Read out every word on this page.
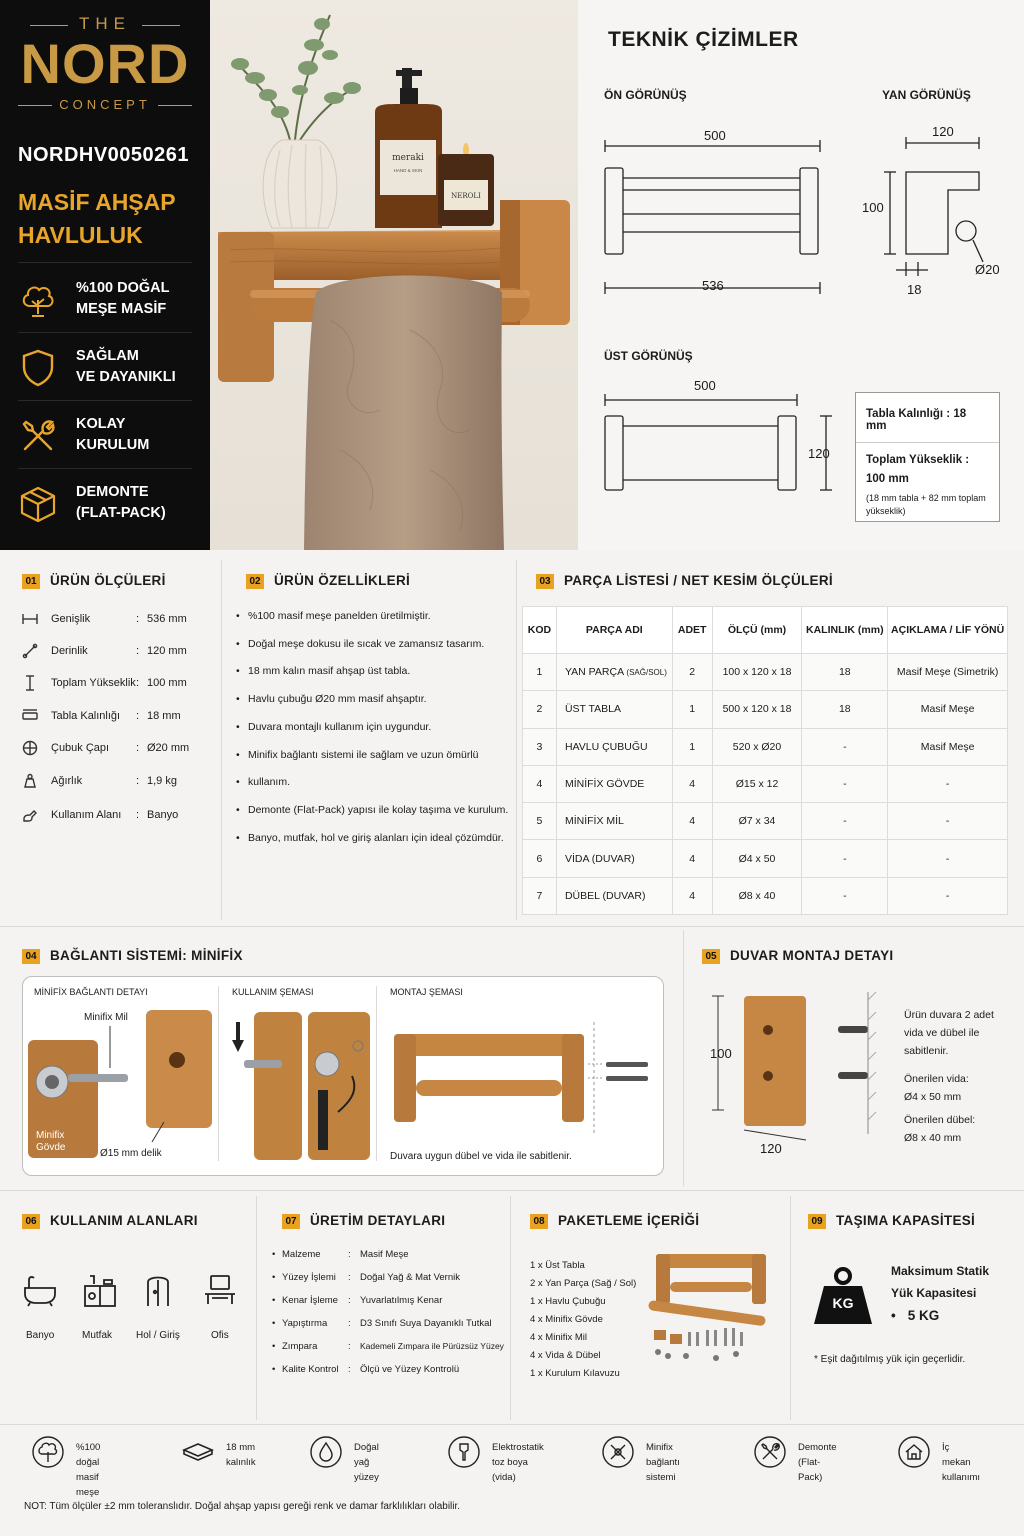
THE
NORD
CONCEPT
NORDHV0050261
MASİF AHŞAP
HAVLULUK
%100 DOĞAL
MEŞE MASİF
SAĞLAM
VE DAYANIKLI
KOLAY
KURULUM
DEMONTE
(FLAT-PACK)
meraki
HAND & SKIN
NEROLI
TEKNİK ÇİZİMLER
ÖN GÖRÜNÜŞ	YAN GÖRÜNÜŞ
ÜST GÖRÜNÜŞ
500
536
120
100
18
Ø20
500
120
Tabla Kalınlığı : 18 mm
Toplam Yükseklik :
100 mm
(18 mm tabla + 82 mm toplam yükseklik)
01 ÜRÜN ÖLÇÜLERİ
Genişlik	: 536 mm
Derinlik	: 120 mm
Toplam Yükseklik : 100 mm
Tabla Kalınlığı : 18 mm
Çubuk Çapı : Ø20 mm
Ağırlık	: 1,9 kg
Kullanım Alanı : Banyo
02 ÜRÜN ÖZELLİKLERİ
• %100 masif meşe panelden üretilmiştir.
• Doğal meşe dokusu ile sıcak ve zamansız tasarım.
• 18 mm kalın masif ahşap üst tabla.
• Havlu çubuğu Ø20 mm masif ahşaptır.
• Duvara montajlı kullanım için uygundur.
• Minifix bağlantı sistemi ile sağlam ve uzun ömürlü
• kullanım.
• Demonte (Flat-Pack) yapısı ile kolay taşıma ve kurulum.
• Banyo, mutfak, hol ve giriş alanları için ideal çözümdür.
03 PARÇA LİSTESİ / NET KESİM ÖLÇÜLERİ
KOD	PARÇA ADI	ADET	ÖLÇÜ (mm)	KALINLIK (mm)	AÇIKLAMA / LİF YÖNÜ
1	YAN PARÇA (SAĞ/SOL)	2	100 x 120 x 18	18	Masif Meşe (Simetrik)
2	ÜST TABLA	1	500 x 120 x 18	18	Masif Meşe
3	HAVLU ÇUBUĞU	1	520 x Ø20	-	Masif Meşe
4	MİNİFİX GÖVDE	4	Ø15 x 12	-	-
5	MİNİFİX MİL	4	Ø7 x 34	-	-
6	VİDA (DUVAR)	4	Ø4 x 50	-	-
7	DÜBEL (DUVAR)	4	Ø8 x 40	-	-
04 BAĞLANTI SİSTEMİ: MİNİFİX
MİNİFİX BAĞLANTI DETAYI	KULLANIM ŞEMASI	MONTAJ ŞEMASI
Minifix Mil
Minifix
Gövde
Ø15 mm delik	Duvara uygun dübel ve vida ile sabitlenir.
05 DUVAR MONTAJ DETAYI
100
120
Ürün duvara 2 adet
vida ve dübel ile
sabitlenir.
Önerilen vida:
Ø4 x 50 mm
Önerilen dübel:
Ø8 x 40 mm
06 KULLANIM ALANLARI
Banyo	Mutfak Hol / Giriş	Ofis
07 ÜRETİM DETAYLARI
• Malzeme	: Masif Meşe
• Yüzey İşlemi : Doğal Yağ & Mat Vernik
• Kenar İşleme : Yuvarlatılmış Kenar
• Yapıştırma : D3 Sınıfı Suya Dayanıklı Tutkal
• Zımpara	: Kademeli Zımpara ile Pürüzsüz Yüzey
• Kalite Kontrol : Ölçü ve Yüzey Kontrolü
08 PAKETLEME İÇERİĞİ
1 x Üst Tabla
2 x Yan Parça (Sağ / Sol)
1 x Havlu Çubuğu
4 x Minifix Gövde
4 x Minifix Mil
4 x Vida & Dübel
1 x Kurulum Kılavuzu
09 TAŞIMA KAPASİTESİ
KG
Maksimum Statik
Yük Kapasitesi
• 5 KG
* Eşit dağıtılmış yük için geçerlidir.
%100 doğal
masif meşe
18 mm
kalınlık
Doğal yağ
yüzey
Elektrostatik
toz boya (vida)
Minifix
bağlantı sistemi
Demonte
(Flat-Pack)
İç mekan
kullanımı
NOT: Tüm ölçüler ±2 mm toleranslıdır. Doğal ahşap yapısı gereği renk ve damar farklılıkları olabilir.
